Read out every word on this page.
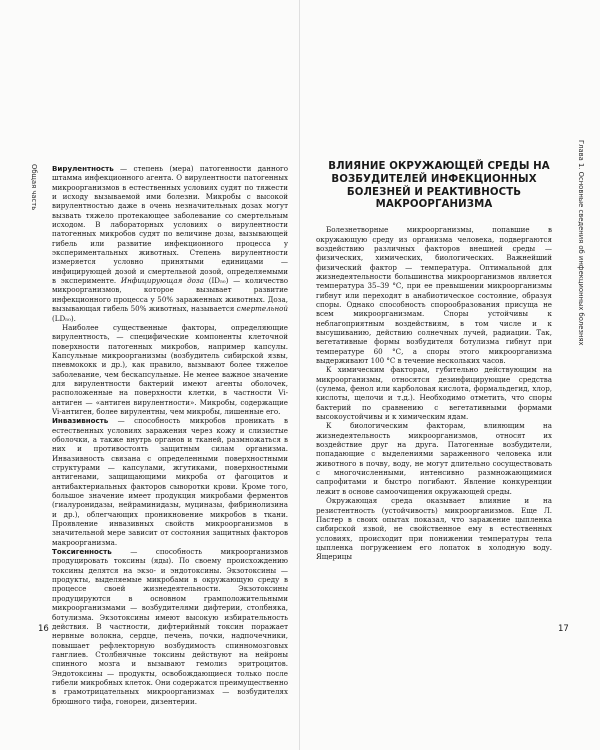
Общая часть Вирулентность — степень (мера) патогенности данного штамма инфекционного агента. О вирулентности патогенных микроорганизмов в естественных условиях судят по тяжести и исходу вызываемой ими болезни. Микробы с высокой вирулентностью даже в очень незначительных дозах могут вызвать тяжело протекающее заболевание со смертельным исходом. В лабораторных условиях о вирулентности патогенных микробов судят по величине дозы, вызывающей гибель или развитие инфекционного процесса у экспериментальных животных. Степень вирулентности измеряется условно принятыми единицами — инфицирующей дозой и смертельной дозой, определяемыми в эксперименте. Инфицирующая доза (ID₅₀) — количество микроорганизмов, которое вызывает развитие инфекционного процесса у 50% зараженных животных. Доза, вызывающая гибель 50% животных, называется смертельной (LD₅₀).

Наиболее существенные факторы, определяющие вирулентность, — специфические компоненты клеточной поверхности патогенных микробов, например капсулы. Капсульные микроорганизмы (возбудитель сибирской язвы, пневмококк и др.), как правило, вызывают более тяжелое заболевание, чем бескапсульные. Не менее важное значение для вирулентности бактерий имеют агенты оболочек, расположенные на поверхности клетки, в частности Vi-антиген — «антиген вирулентности». Микробы, содержащие Vi-антиген, более вирулентны, чем микробы, лишенные его.

Инвазивность — способность микробов проникать в естественных условиях заражения через кожу и слизистые оболочки, а также внутрь органов и тканей, размножаться в них и противостоять защитным силам организма. Инвазивность связана с определенными поверхностными структурами — капсулами, жгутиками, поверхностными антигенами, защищающими микроба от фагоцитов и антибактериальных факторов сыворотки крови. Кроме того, большое значение имеет продукция микробами ферментов (гиалуронидазы, нейраминидазы, муциназы, фибринолизина и др.), облегчающих проникновение микробов в ткани. Проявление инвазивных свойств микроорганизмов в значительной мере зависит от состояния защитных факторов макроорганизма.

Токсигенность — способность микроорганизмов продуцировать токсины (яды). По своему происхождению токсины делятся на экзо- и эндотоксины. Экзотоксины — продукты, выделяемые микробами в окружающую среду в процессе своей жизнедеятельности. Экзотоксины продуцируются в основном грамположительными микроорганизмами — возбудителями дифтерии, столбняка, ботулизма. Экзотоксины имеют высокую избирательность действия. В частности, дифтерийный токсин поражает нервные волокна, сердце, печень, почки, надпочечники, повышает рефлекторную возбудимость спинномозговых ганглиев. Столбнячные токсины действуют на нейроны спинного мозга и вызывают гемолиз эритроцитов. Эндотоксины — продукты, освобождающиеся только после гибели микробных клеток. Они содержатся преимущественно в грамотрицательных микроорганизмах — возбудителях брюшного тифа, гонореи, дизентерии.

16
Глава 1. Основные сведения об инфекционных болезнях

ВЛИЯНИЕ ОКРУЖАЮЩЕЙ СРЕДЫ НА ВОЗБУДИТЕЛЕЙ ИНФЕКЦИОННЫХ БОЛЕЗНЕЙ И РЕАКТИВНОСТЬ МАКРООРГАНИЗМА

Болезнетворные микроорганизмы, попавшие в окружающую среду из организма человека, подвергаются воздействию различных факторов внешней среды — физических, химических, биологических. Важнейший физический фактор — температура. Оптимальной для жизнедеятельности большинства микроорганизмов является температура 35–39 °С, при ее превышении микроорганизмы гибнут или переходят в анабиотическое состояние, образуя споры. Однако способность спорообразования присуща не всем микроорганизмам. Споры устойчивы к неблагоприятным воздействиям, в том числе и к высушиванию, действию солнечных лучей, радиации. Так, вегетативные формы возбудителя ботулизма гибнут при температуре 60 °С, а споры этого микроорганизма выдерживают 100 °С в течение нескольких часов.

К химическим факторам, губительно действующим на микроорганизмы, относятся дезинфицирующие средства (сулема, фенол или карболовая кислота, формальдегид, хлор, кислоты, щелочи и т.д.). Необходимо отметить, что споры бактерий по сравнению с вегетативными формами высокоустойчивы и к химическим ядам.

К биологическим факторам, влияющим на жизнедеятельность микроорганизмов, относят их воздействие друг на друга. Патогенные возбудители, попадающие с выделениями зараженного человека или животного в почву, воду, не могут длительно сосуществовать с многочисленными, интенсивно размножающимися сапрофитами и быстро погибают. Явление конкуренции лежит в основе самоочищения окружающей среды.

Окружающая среда оказывает влияние и на резистентность (устойчивость) микроорганизмов. Еще Л. Пастер в своих опытах показал, что заражение цыпленка сибирской язвой, не свойственное ему в естественных условиях, происходит при понижении температуры тела цыпленка погружением его лопаток в холодную воду. Ящерицы

17
